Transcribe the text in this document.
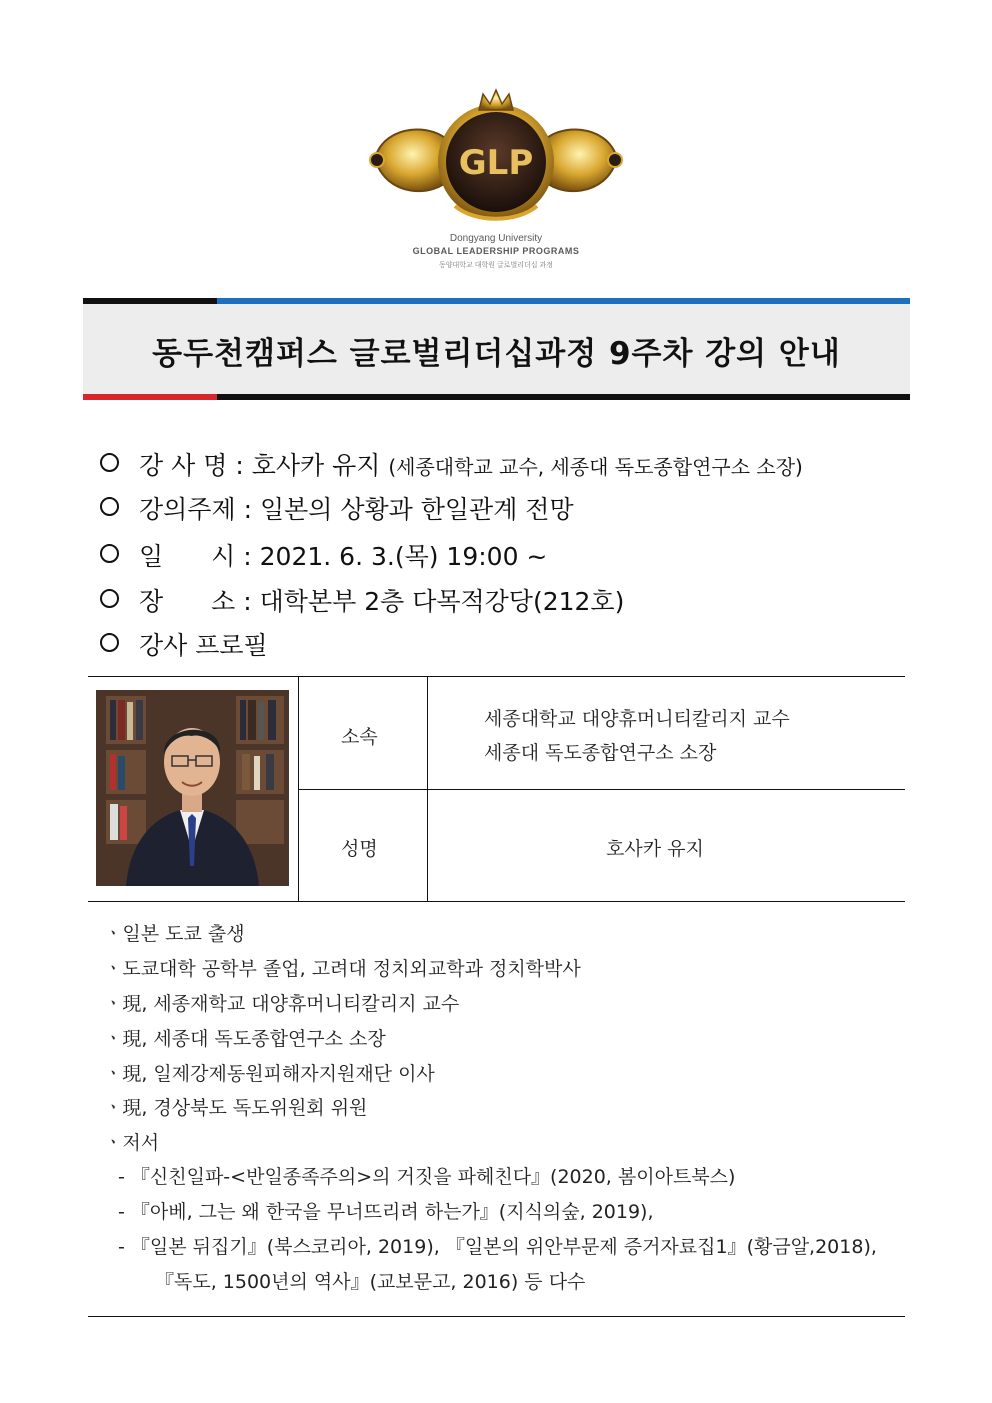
GLP
Dongyang University
GLOBAL LEADERSHIP PROGRAMS
동양대학교 대학원 글로벌리더십 과정
동두천캠퍼스 글로벌리더십과정 9주차 강의 안내
강 사 명 : 호사카 유지 (세종대학교 교수, 세종대 독도종합연구소 소장)
강의주제 : 일본의 상황과 한일관계 전망
일 시 : 2021. 6. 3.(목) 19:00 ~
장 소 : 대학본부 2층 다목적강당(212호)
강사 프로필
소속
세종대학교 대양휴머니티칼리지 교수
세종대 독도종합연구소 소장
성명	호사카 유지
ㆍ일본 도쿄 출생
ㆍ도쿄대학 공학부 졸업, 고려대 정치외교학과 정치학박사
ㆍ現, 세종재학교 대양휴머니티칼리지 교수
ㆍ現, 세종대 독도종합연구소 소장
ㆍ現, 일제강제동원피해자지원재단 이사
ㆍ現, 경상북도 독도위원회 위원
ㆍ저서
- 『신친일파-<반일종족주의>의 거짓을 파헤친다』(2020, 봄이아트북스)
- 『아베, 그는 왜 한국을 무너뜨리려 하는가』(지식의숲, 2019),
- 『일본 뒤집기』(북스코리아, 2019), 『일본의 위안부문제 증거자료집1』(황금알,2018),
『독도, 1500년의 역사』(교보문고, 2016) 등 다수
